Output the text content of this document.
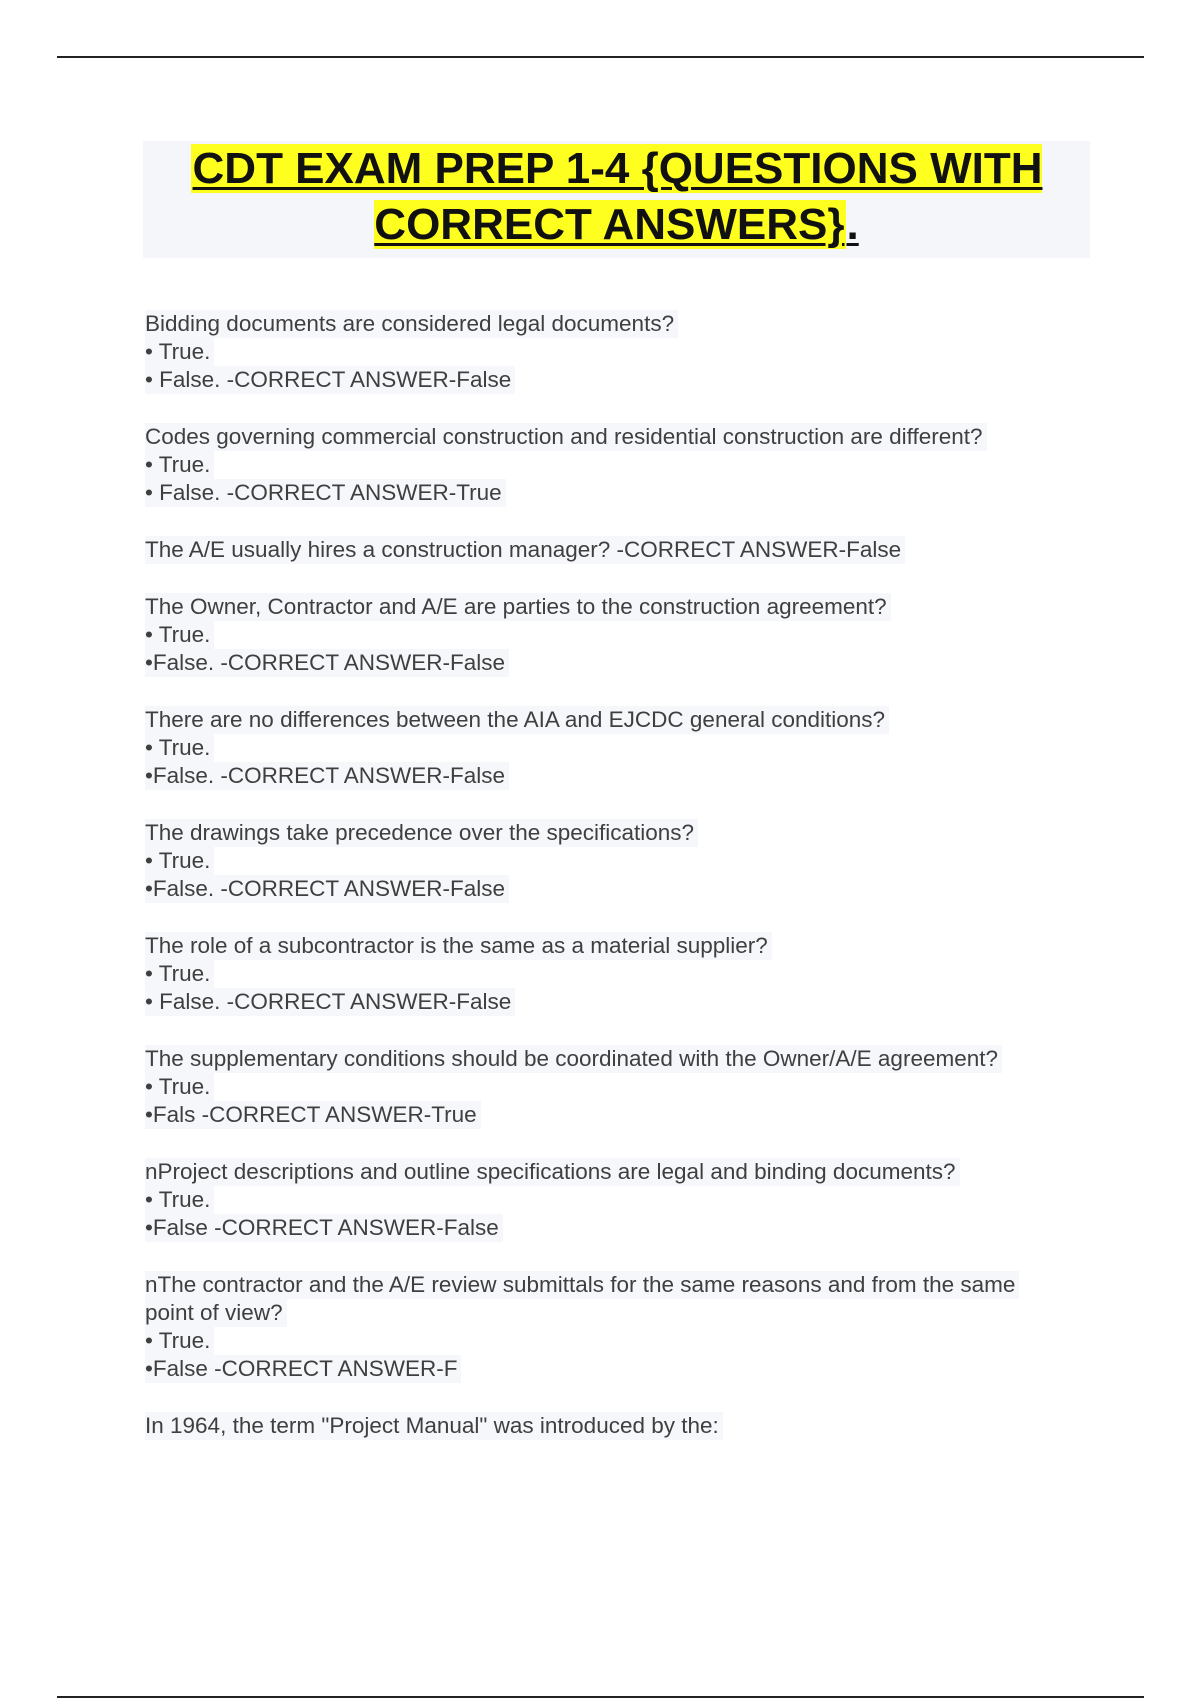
CDT EXAM PREP 1-4 {QUESTIONS WITH CORRECT ANSWERS}.
Bidding documents are considered legal documents?
• True.
• False. -CORRECT ANSWER-False
Codes governing commercial construction and residential construction are different?
• True.
• False. -CORRECT ANSWER-True
The A/E usually hires a construction manager? -CORRECT ANSWER-False
The Owner, Contractor and A/E are parties to the construction agreement?
• True.
•False. -CORRECT ANSWER-False
There are no differences between the AIA and EJCDC general conditions?
• True.
•False. -CORRECT ANSWER-False
The drawings take precedence over the specifications?
• True.
•False. -CORRECT ANSWER-False
The role of a subcontractor is the same as a material supplier?
• True.
• False. -CORRECT ANSWER-False
The supplementary conditions should be coordinated with the Owner/A/E agreement?
• True.
•Fals -CORRECT ANSWER-True
nProject descriptions and outline specifications are legal and binding documents?
• True.
•False -CORRECT ANSWER-False
nThe contractor and the A/E review submittals for the same reasons and from the same
point of view?
• True.
•False -CORRECT ANSWER-F
In 1964, the term "Project Manual" was introduced by the:
